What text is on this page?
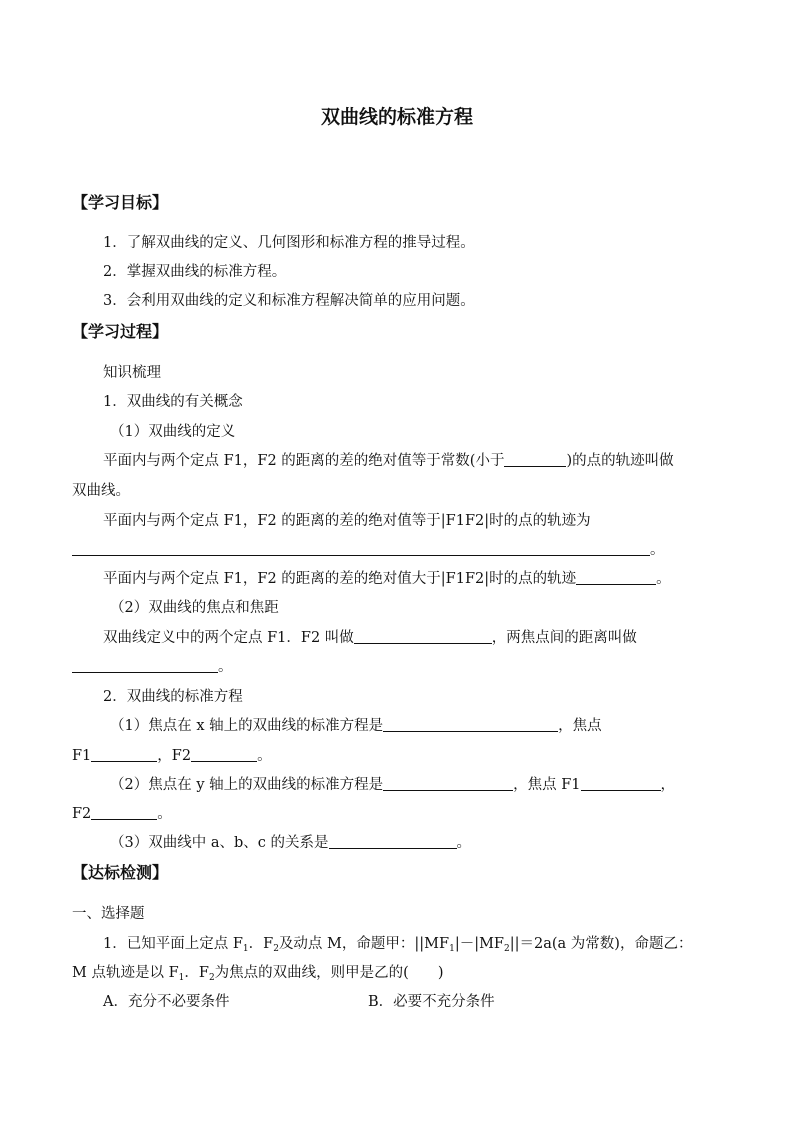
双曲线的标准方程
【学习目标】
1．了解双曲线的定义、几何图形和标准方程的推导过程。
2．掌握双曲线的标准方程。
3．会利用双曲线的定义和标准方程解决简单的应用问题。
【学习过程】
知识梳理
1．双曲线的有关概念
（1）双曲线的定义
平面内与两个定点 F1，F2 的距离的差的绝对值等于常数(小于	)的点的轨迹叫做
双曲线。
平面内与两个定点 F1，F2 的距离的差的绝对值等于|F1F2|时的点的轨迹为
。
平面内与两个定点 F1，F2 的距离的差的绝对值大于|F1F2|时的点的轨迹	。
（2）双曲线的焦点和焦距
双曲线定义中的两个定点 F1．F2 叫做	，两焦点间的距离叫做
。
2．双曲线的标准方程
（1）焦点在 x 轴上的双曲线的标准方程是	，焦点
F1	，F2	。
（2）焦点在 y 轴上的双曲线的标准方程是	，焦点 F1	，
F2	。
（3）双曲线中 a、b、c 的关系是	。
【达标检测】
一、选择题
1．已知平面上定点 $F_1$．$F_2$及动点 M，命题甲：$||MF_1|-|MF_2||=2a(a$ 为常数)，命题乙：
M 点轨迹是以 $F_1$．$F_2$为焦点的双曲线，则甲是乙的(　　)
A．充分不必要条件	B．必要不充分条件
